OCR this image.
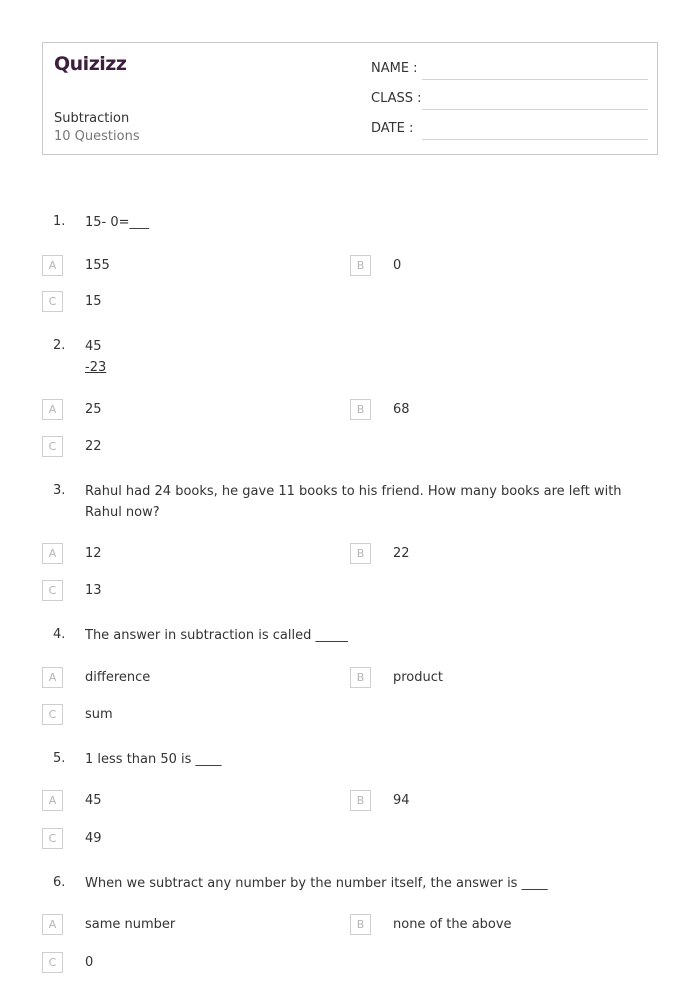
Quizizz
Subtraction
10 Questions
NAME :
CLASS :
DATE :
1. 15- 0=___
A	155	B	0
C	15
2. 45
-23
A	25	B	68
C	22
3. Rahul had 24 books, he gave 11 books to his friend. How many books are left with Rahul now?
A	12	B	22
C	13
4. The answer in subtraction is called _____
A	difference	B	product
C	sum
5. 1 less than 50 is ____
A	45	B	94
C	49
6. When we subtract any number by the number itself, the answer is ____
A	same number	B	none of the above
C	0
